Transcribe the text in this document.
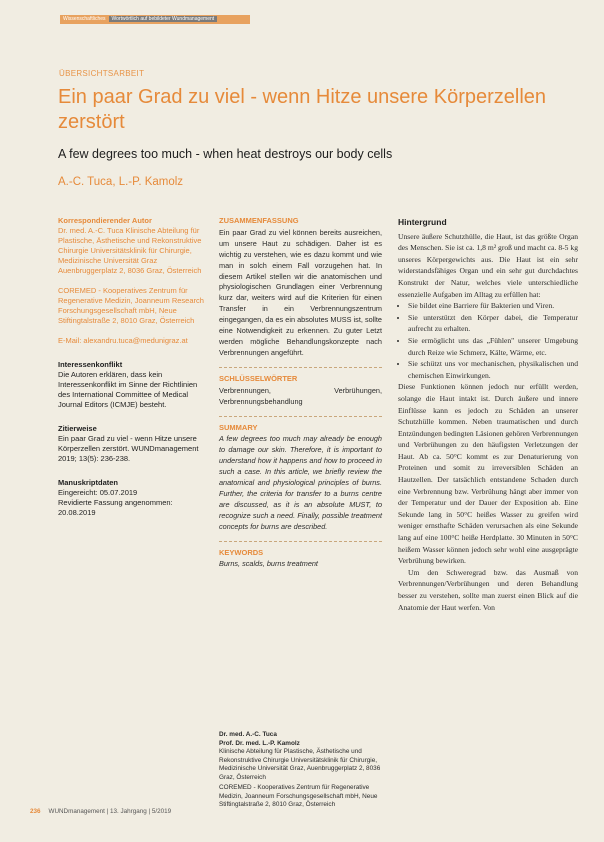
Wissenschaftliches Wortwörtlich auf bebildeter Wundmanagement
ÜBERSICHTSARBEIT
Ein paar Grad zu viel - wenn Hitze unsere Körperzellen zerstört
A few degrees too much - when heat destroys our body cells
A.-C. Tuca, L.-P. Kamolz

Korrespondierender Autor

Dr. med. A.-C. Tuca Klinische Abteilung für Plastische, Ästhetische und Rekonstruktive Chirurgie Universitätsklinik für Chirurgie, Medizinische Universität Graz Auenbruggerplatz 2, 8036 Graz, Österreich

COREMED - Kooperatives Zentrum für Regenerative Medizin, Joanneum Research Forschungsgesellschaft mbH, Neue Stiftingtalstraße 2, 8010 Graz, Österreich

E-Mail: alexandru.tuca@medunigraz.at

Interessenkonflikt

Die Autoren erklären, dass kein Interessenkonflikt im Sinne der Richtlinien des International Committee of Medical Journal Editors (ICMJE) besteht.

Zitierweise

Ein paar Grad zu viel - wenn Hitze unsere Körperzellen zerstört. WUNDmanagement 2019; 13(5): 236-238.

Manuskriptdaten

Eingereicht: 05.07.2019

Revidierte Fassung angenommen: 20.08.2019

ZUSAMMENFASSUNG

Ein paar Grad zu viel können bereits ausreichen, um unsere Haut zu schädigen. Daher ist es wichtig zu verstehen, wie es dazu kommt und wie man in solch einem Fall vorzugehen hat. In diesem Artikel stellen wir die anatomischen und physiologischen Grundlagen einer Verbrennung kurz dar, weiters wird auf die Kriterien für einen Transfer in ein Verbrennungszentrum eingegangen, da es ein absolutes MUSS ist, sollte eine Notwendigkeit zu erkennen. Zu guter Letzt werden mögliche Behandlungskonzepte nach Verbrennungen angeführt.

SCHLÜSSELWÖRTER

Verbrennungen, Verbrühungen, Verbrennungsbehandlung

SUMMARY

A few degrees too much may already be enough to damage our skin. Therefore, it is important to understand how it happens and how to proceed in such a case. In this article, we briefly review the anatomical and physiological principles of burns. Further, the criteria for transfer to a burns centre are discussed, as it is an absolute MUST, to recognize such a need. Finally, possible treatment concepts for burns are described.

KEYWORDS

Burns, scalds, burns treatment

Dr. med. A.-C. Tuca

Prof. Dr. med. L.-P. Kamolz

Klinische Abteilung für Plastische, Ästhetische und Rekonstruktive Chirurgie Universitätsklinik für Chirurgie, Medizinische Universität Graz, Auenbruggerplatz 2, 8036 Graz, Österreich

COREMED - Kooperatives Zentrum für Regenerative Medizin, Joanneum Forschungsgesellschaft mbH, Neue Stiftingtalstraße 2, 8010 Graz, Österreich

Hintergrund

Unsere äußere Schutzhülle, die Haut, ist das größte Organ des Menschen. Sie ist ca. 1,8 m² groß und macht ca. 8-5 kg unseres Körpergewichts aus. Die Haut ist ein sehr widerstandsfähiges Organ und ein sehr gut durchdachtes Konstrukt der Natur, welches viele unterschiedliche essenzielle Aufgaben im Alltag zu erfüllen hat:

• Sie bildet eine Barriere für Bakterien und Viren.
• Sie unterstützt den Körper dabei, die Temperatur aufrecht zu erhalten.
• Sie ermöglicht uns das „Fühlen" unserer Umgebung durch Reize wie Schmerz, Kälte, Wärme, etc.
• Sie schützt uns vor mechanischen, physikalischen und chemischen Einwirkungen.

Diese Funktionen können jedoch nur erfüllt werden, solange die Haut intakt ist. Durch äußere und innere Einflüsse kann es jedoch zu Schäden an unserer Schutzhülle kommen. Neben traumatischen und durch Entzündungen bedingten Läsionen gehören Verbrennungen und Verbrühungen zu den häufigsten Verletzungen der Haut. Ab ca. 50°C kommt es zur Denaturierung von Proteinen und somit zu irreversiblen Schäden an Hautzellen. Der tatsächlich entstandene Schaden durch eine Verbrennung bzw. Verbrühung hängt aber immer von der Temperatur und der Dauer der Exposition ab. Eine Sekunde lang in 50°C heißes Wasser zu greifen wird weniger ernsthafte Schäden verursachen als eine Sekunde lang auf eine 100°C heiße Herdplatte. 30 Minuten in 50°C heißem Wasser können jedoch sehr wohl eine ausgeprägte Verbrühung bewirken.

Um den Schweregrad bzw. das Ausmaß von Verbrennungen/Verbrühungen und deren Behandlung besser zu verstehen, sollte man zuerst einen Blick auf die Anatomie der Haut werfen. Von

236 WUNDmanagement | 13. Jahrgang | 5/2019
